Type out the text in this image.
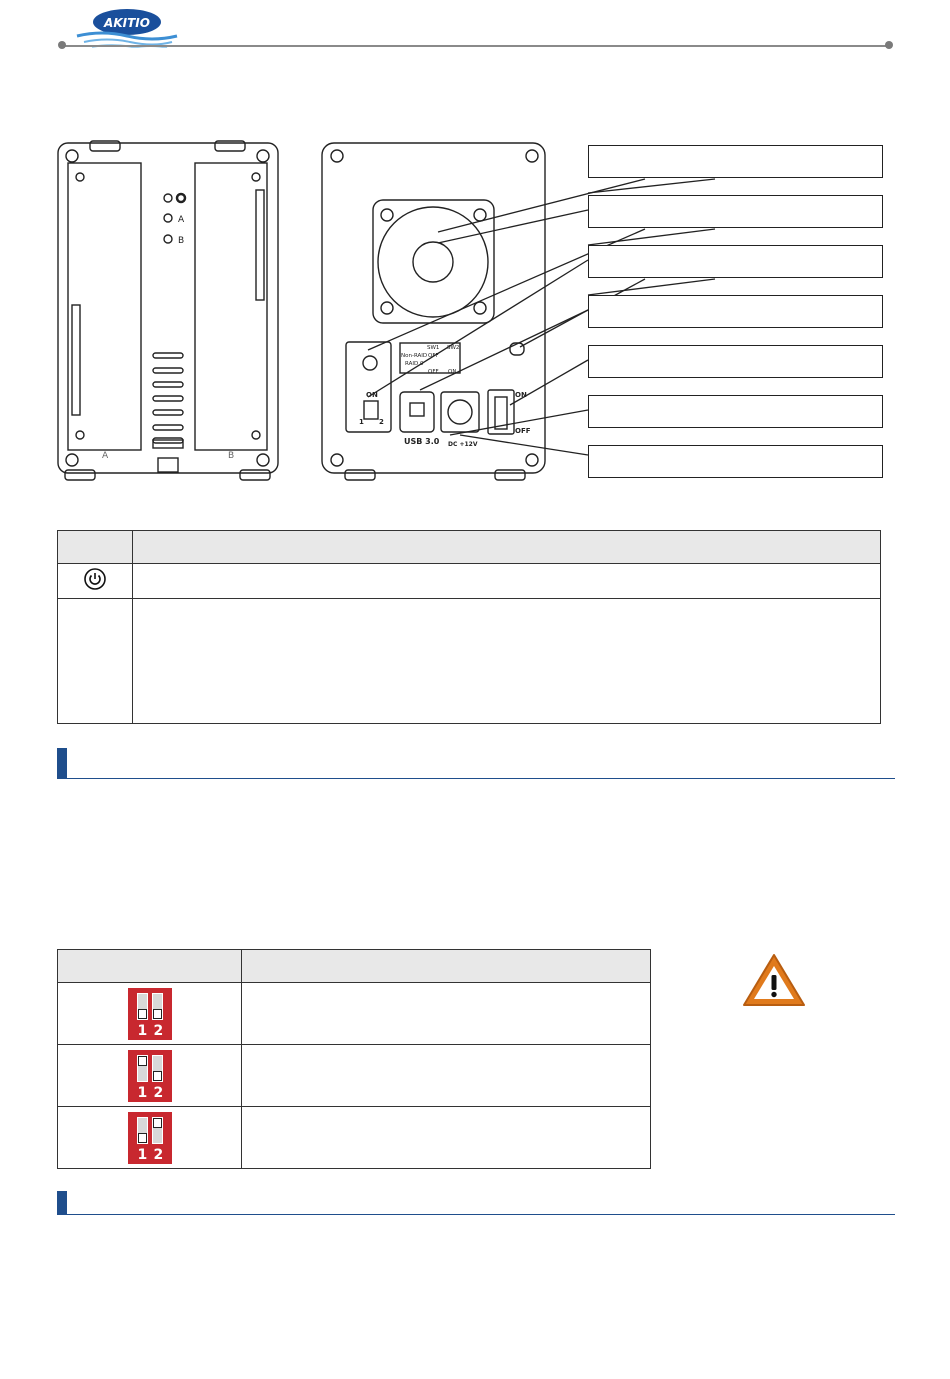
AKITIO
A
B
A	B
SW1 SW2
Non-RAID OFF
RAID 0
OFF ON
ON
1 2
USB 3.0 DC +12V
ON
OFF

1 2	

1 2	

1 2	
